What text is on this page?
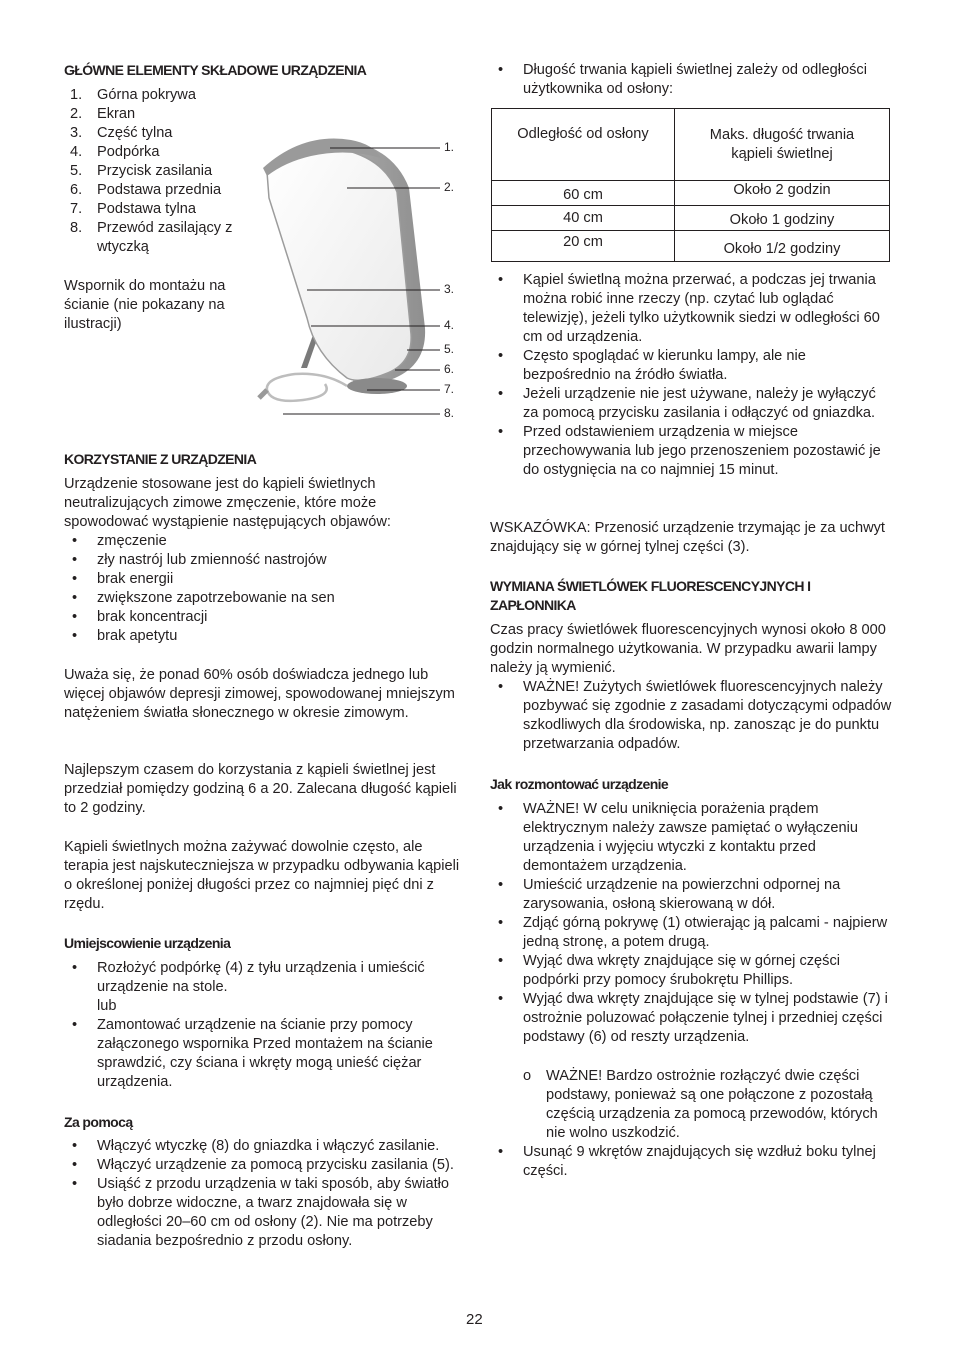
GŁÓWNE ELEMENTY SKŁADOWE URZĄDZENIA
1. Górna pokrywa
2. Ekran
3. Część tylna
4. Podpórka
5. Przycisk zasilania
6. Podstawa przednia
7. Podstawa tylna
8. Przewód zasilający z wtyczką

Wspornik do montażu na ścianie (nie pokazany na ilustracji)

KORZYSTANIE Z URZĄDZENIA

Urządzenie stosowane jest do kąpieli świetlnych neutralizujących zimowe zmęczenie, które może spowodować wystąpienie następujących objawów:

• zmęczenie
• zły nastrój lub zmienność nastrojów
• brak energii
• zwiększone zapotrzebowanie na sen
• brak koncentracji
• brak apetytu

Uważa się, że ponad 60% osób doświadcza jednego lub więcej objawów depresji zimowej, spowodowanej mniejszym natężeniem światła słonecznego w okresie zimowym.

Najlepszym czasem do korzystania z kąpieli świetlnej jest przedział pomiędzy godziną 6 a 20. Zalecana długość kąpieli to 2 godziny.

Kąpieli świetlnych można zażywać dowolnie często, ale terapia jest najskuteczniejsza w przypadku odbywania kąpieli o określonej poniżej długości przez co najmniej pięć dni z rzędu.

Umiejscowienie urządzenia
• Rozłożyć podpórkę (4) z tyłu urządzenia i umieścić urządzenie na stole.
lub
• Zamontować urządzenie na ścianie przy pomocy załączonego wspornika Przed montażem na ścianie sprawdzić, czy ściana i wkręty mogą unieść ciężar urządzenia.
Za pomocą
• Włączyć wtyczkę (8) do gniazdka i włączyć zasilanie.
• Włączyć urządzenie za pomocą przycisku zasilania (5).
• Usiąść z przodu urządzenia w taki sposób, aby światło było dobrze widoczne, a twarz znajdowała się w odległości 20–60 cm od osłony (2). Nie ma potrzeby siadania bezpośrednio z przodu osłony.
1.
2.
3.
4.
5.
6.
7.
8.
• Długość trwania kąpieli świetlnej zależy od odległości użytkownika od osłony:
Odległość od osłony	Maks. długość trwania kąpieli świetlnej
60 cm	Około 2 godzin
40 cm	Około 1 godziny
20 cm	Około 1/2 godziny
• Kąpiel świetlną można przerwać, a podczas jej trwania można robić inne rzeczy (np. czytać lub oglądać telewizję), jeżeli tylko użytkownik siedzi w odległości 60 cm od urządzenia.
• Często spoglądać w kierunku lampy, ale nie bezpośrednio na źródło światła.
• Jeżeli urządzenie nie jest używane, należy je wyłączyć za pomocą przycisku zasilania i odłączyć od gniazdka.
• Przed odstawieniem urządzenia w miejsce przechowywania lub jego przenoszeniem pozostawić je do ostygnięcia na co najmniej 15 minut.

WSKAZÓWKA: Przenosić urządzenie trzymając je za uchwyt znajdujący się w górnej tylnej części (3).

WYMIANA ŚWIETLÓWEK FLUORESCENCYJNYCH I ZAPŁONNIKA

Czas pracy świetlówek fluorescencyjnych wynosi około 8 000 godzin normalnego użytkowania. W przypadku awarii lampy należy ją wymienić.

• WAŻNE! Zużytych świetlówek fluorescencyjnych należy pozbywać się zgodnie z zasadami dotyczącymi odpadów szkodliwych dla środowiska, np. zanosząc je do punktu przetwarzania odpadów.
Jak rozmontować urządzenie
• WAŻNE! W celu uniknięcia porażenia prądem elektrycznym należy zawsze pamiętać o wyłączeniu urządzenia i wyjęciu wtyczki z kontaktu przed demontażem urządzenia.
• Umieścić urządzenie na powierzchni odpornej na zarysowania, osłoną skierowaną w dół.
• Zdjąć górną pokrywę (1) otwierając ją palcami - najpierw jedną stronę, a potem drugą.
• Wyjąć dwa wkręty znajdujące się w górnej części podpórki przy pomocy śrubokrętu Phillips.
• Wyjąć dwa wkręty znajdujące się w tylnej podstawie (7) i ostrożnie poluzować połączenie tylnej i przedniej części podstawy (6) od reszty urządzenia.
o WAŻNE! Bardzo ostrożnie rozłączyć dwie części podstawy, ponieważ są one połączone z pozostałą częścią urządzenia za pomocą przewodów, których nie wolno uszkodzić.
• Usunąć 9 wkrętów znajdujących się wzdłuż boku tylnej części.
22
